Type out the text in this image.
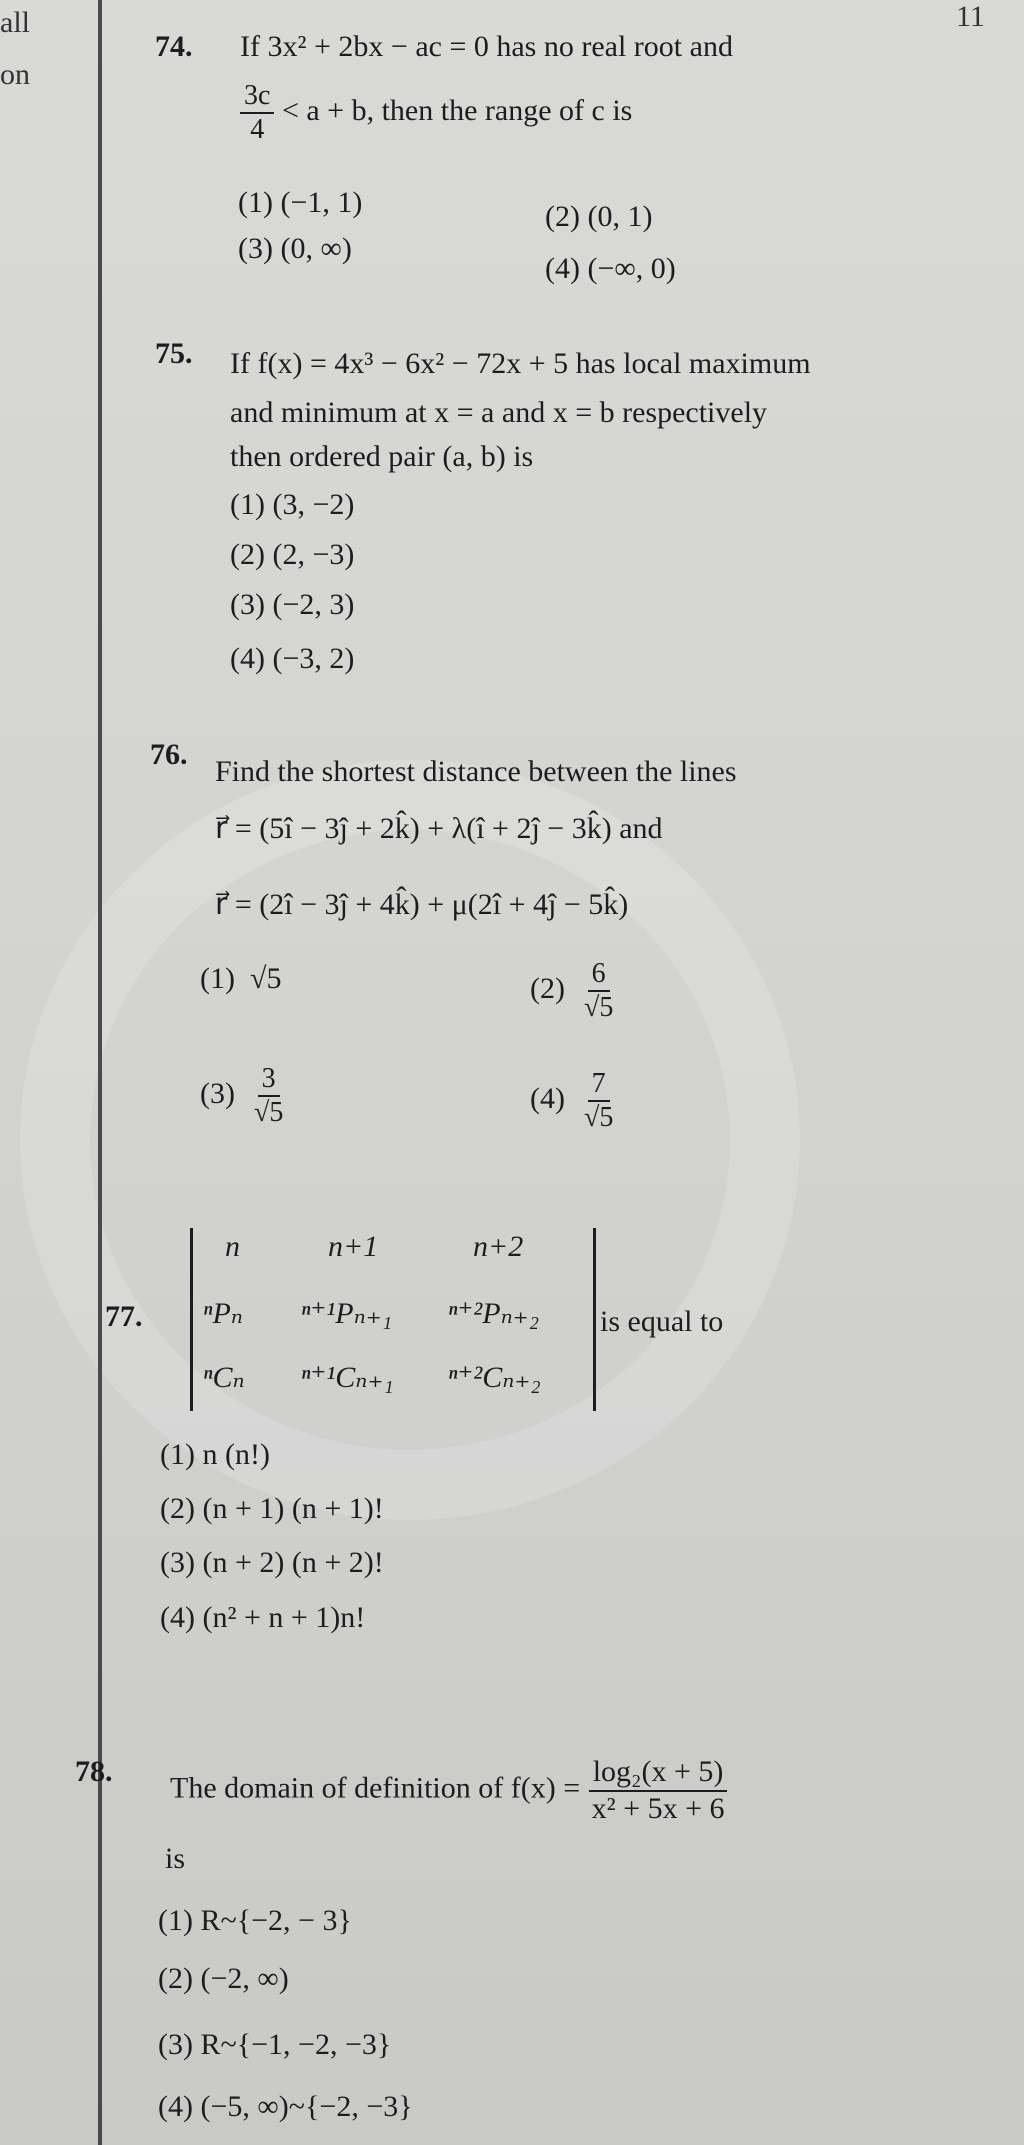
all
on
11
74. If 3x² + 2bx − ac = 0 has no real root and
$\frac{3c}{4} < a + b$, then the range of c is
(1) (−1, 1)	(2) (0, 1)
(3) (0, ∞)
(4) (−∞, 0)
75. If f(x) = 4x³ − 6x² − 72x + 5 has local maximum
and minimum at x = a and x = b respectively
then ordered pair (a, b) is
(1) (3, −2)
(2) (2, −3)
(3) (−2, 3)
(4) (−3, 2)
76.
Find the shortest distance between the lines
r⃗ = (5î − 3ĵ + 2k̂) + λ(î + 2ĵ − 3k̂) and
r⃗ = (2î − 3ĵ + 4k̂) + μ(2î + 4ĵ − 5k̂)
(1) √5	$(2) \frac{6}{√5}$
$(3) \frac{3}{√5}$	$(4) \frac{7}{√5}$
77.
n	n+1	n+2
ⁿPₙ ⁿ⁺¹Pₙ₊₁ ⁿ⁺²Pₙ₊₂
ⁿCₙ ⁿ⁺¹Cₙ₊₁ ⁿ⁺²Cₙ₊₂
is equal to
(1) n (n!)
(2) (n + 1) (n + 1)!
(3) (n + 2) (n + 2)!
(4) (n² + n + 1)n!
78. The domain of definition of $f(x) = \frac{\text{log₂(x + 5)}}{\text{x² + 5x + 6}}$
is
(1) R~{−2, − 3}
(2) (−2, ∞)
(3) R~{−1, −2, −3}
(4) (−5, ∞)~{−2, −3}
